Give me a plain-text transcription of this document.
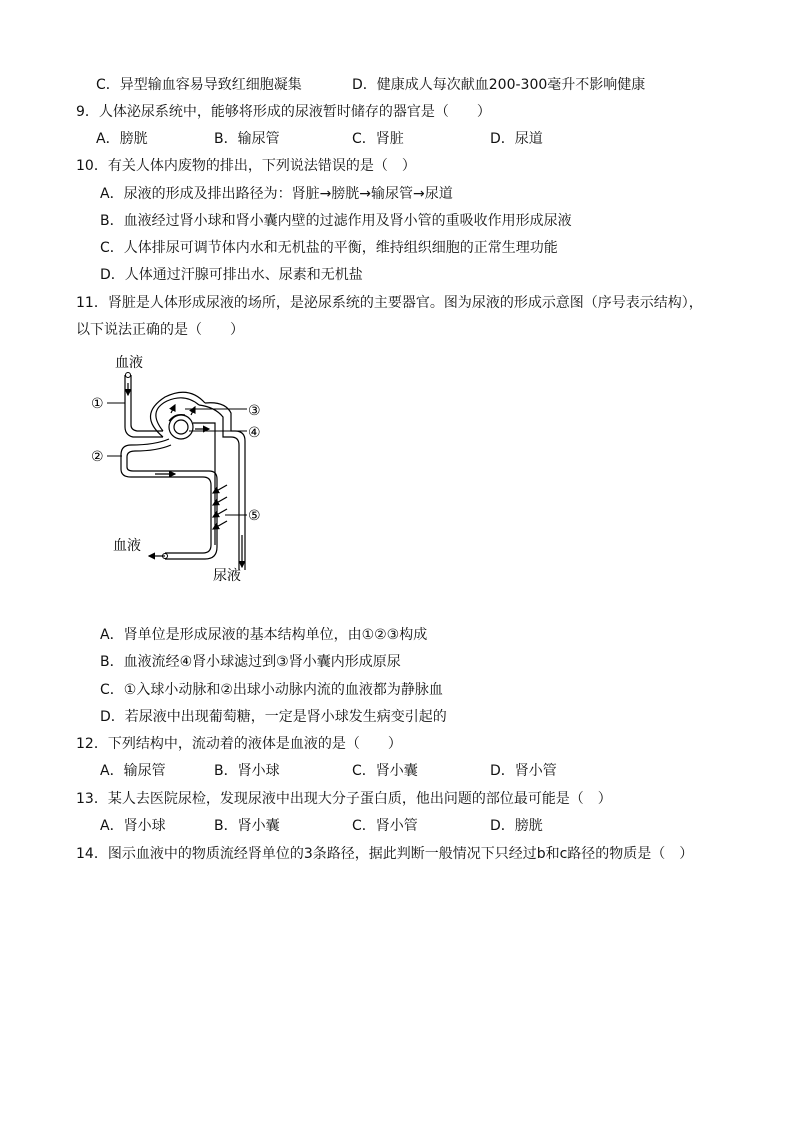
C．异型输血容易导致红细胞凝集	D．健康成人每次献血200-300毫升不影响健康
9．人体泌尿系统中，能够将形成的尿液暂时储存的器官是（　　）
A．膀胱	B．输尿管	C．肾脏	D．尿道
10．有关人体内废物的排出，下列说法错误的是（　）
A．尿液的形成及排出路径为：肾脏→膀胱→输尿管→尿道
B．血液经过肾小球和肾小囊内壁的过滤作用及肾小管的重吸收作用形成尿液
C．人体排尿可调节体内水和无机盐的平衡，维持组织细胞的正常生理功能
D．人体通过汗腺可排出水、尿素和无机盐
11．肾脏是人体形成尿液的场所，是泌尿系统的主要器官。图为尿液的形成示意图（序号表示结构），
以下说法正确的是（　　）
血液
血液
尿液
①
②
③
④
⑤
A．肾单位是形成尿液的基本结构单位，由①②③构成
B．血液流经④肾小球滤过到③肾小囊内形成原尿
C．①入球小动脉和②出球小动脉内流的血液都为静脉血
D．若尿液中出现葡萄糖，一定是肾小球发生病变引起的
12．下列结构中，流动着的液体是血液的是（　　）
A．输尿管	B．肾小球	C．肾小囊	D．肾小管
13．某人去医院尿检，发现尿液中出现大分子蛋白质，他出问题的部位最可能是（　）
A．肾小球	B．肾小囊	C．肾小管	D．膀胱
14．图示血液中的物质流经肾单位的3条路径，据此判断一般情况下只经过b和c路径的物质是（　）
